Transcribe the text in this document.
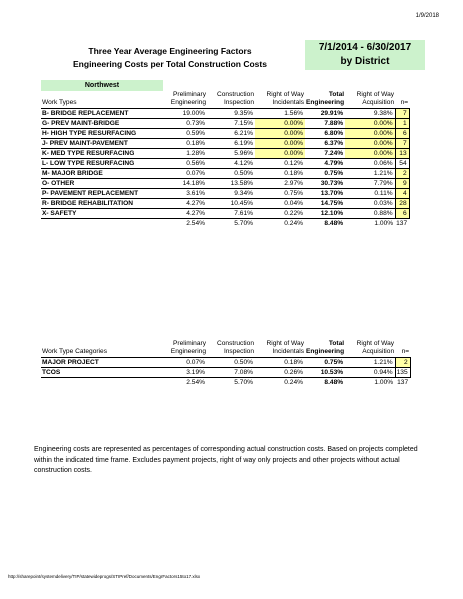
1/9/2018
Three Year Average Engineering Factors
Engineering Costs per Total Construction Costs
7/1/2014 - 6/30/2017
by District
Northwest
	Preliminary	Construction	Right of Way	Total	Right of Way	
Work Types	Engineering	Inspection	Incidentals	Engineering	Acquisition	n=
B- BRIDGE REPLACEMENT	19.00%	9.35%	1.56%	29.91%	9.38%	7
G- PREV MAINT-BRIDGE	0.73%	7.15%	0.00%	7.88%	0.00%	1
H- HIGH TYPE RESURFACING	0.59%	6.21%	0.00%	6.80%	0.00%	6
J- PREV MAINT-PAVEMENT	0.18%	6.19%	0.00%	6.37%	0.00%	7
K- MED TYPE RESURFACING	1.28%	5.96%	0.00%	7.24%	0.00%	13
L- LOW TYPE RESURFACING	0.56%	4.12%	0.12%	4.79%	0.06%	54
M- MAJOR BRIDGE	0.07%	0.50%	0.18%	0.75%	1.21%	2
O- OTHER	14.18%	13.58%	2.97%	30.73%	7.79%	9
P- PAVEMENT REPLACEMENT	3.61%	9.34%	0.75%	13.70%	0.11%	4
R- BRIDGE REHABILITATION	4.27%	10.45%	0.04%	14.75%	0.03%	28
X- SAFETY	4.27%	7.61%	0.22%	12.10%	0.88%	6
	2.54%	5.70%	0.24%	8.48%	1.00%	137
	Preliminary	Construction	Right of Way	Total	Right of Way	
Work Type Categories	Engineering	Inspection	Incidentals	Engineering	Acquisition	n=
MAJOR PROJECT	0.07%	0.50%	0.18%	0.75%	1.21%	2
TCOS	3.19%	7.08%	0.26%	10.53%	0.94%	135
	2.54%	5.70%	0.24%	8.48%	1.00%	137
Engineering costs are represented as percentages of corresponding actual construction costs. Based on projects completed within the indicated time frame. Excludes payment projects, right of way only projects and other projects without actual construction costs.
http://sharepoint/systemdelivery/TIP/statewideprogs/STIPref/Documents/EngrFactors15to17.xlsx
